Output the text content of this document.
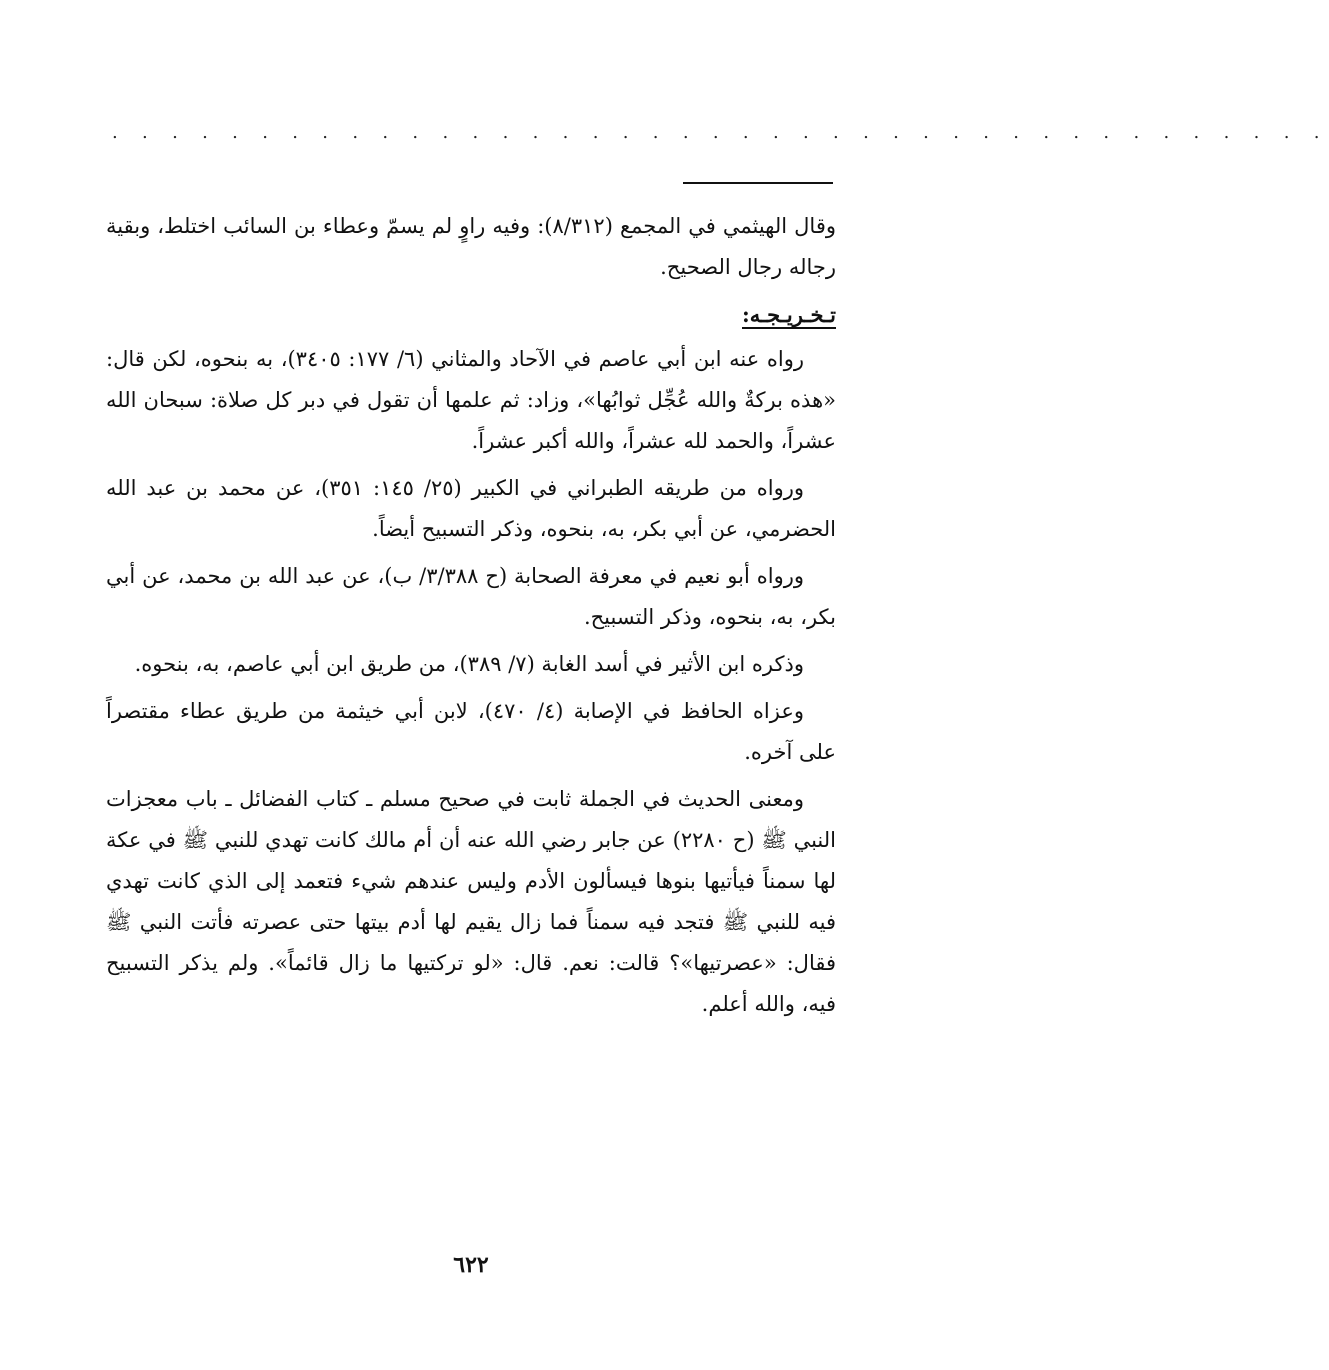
. . . . . . . . . . . . . . . . . . . . . . . . . . . . . . . . . . . . . . . . .

وقال الهيثمي في المجمع (٨/٣١٢): وفيه راوٍ لم يسمّ وعطاء بن السائب اختلط، وبقية رجاله رجال الصحيح.

تـخـريـجـه:

رواه عنه ابن أبي عاصم في الآحاد والمثاني (٦/ ١٧٧: ٣٤٠٥)، به بنحوه، لكن قال: «هذه بركةٌ والله عُجِّل ثوابُها»، وزاد: ثم علمها أن تقول في دبر كل صلاة: سبحان الله عشراً، والحمد لله عشراً، والله أكبر عشراً.

ورواه من طريقه الطبراني في الكبير (٢٥/ ١٤٥: ٣٥١)، عن محمد بن عبد الله الحضرمي، عن أبي بكر، به، بنحوه، وذكر التسبيح أيضاً.

ورواه أبو نعيم في معرفة الصحابة (ح ٣/٣٨٨/ ب)، عن عبد الله بن محمد، عن أبي بكر، به، بنحوه، وذكر التسبيح.

وذكره ابن الأثير في أسد الغابة (٧/ ٣٨٩)، من طريق ابن أبي عاصم، به، بنحوه.

وعزاه الحافظ في الإصابة (٤/ ٤٧٠)، لابن أبي خيثمة من طريق عطاء مقتصراً على آخره.

ومعنى الحديث في الجملة ثابت في صحيح مسلم ـ كتاب الفضائل ـ باب معجزات النبي ﷺ (ح ٢٢٨٠) عن جابر رضي الله عنه أن أم مالك كانت تهدي للنبي ﷺ في عكة لها سمناً فيأتيها بنوها فيسألون الأدم وليس عندهم شيء فتعمد إلى الذي كانت تهدي فيه للنبي ﷺ فتجد فيه سمناً فما زال يقيم لها أدم بيتها حتى عصرته فأتت النبي ﷺ فقال: «عصرتيها»؟ قالت: نعم. قال: «لو تركتيها ما زال قائماً». ولم يذكر التسبيح فيه، والله أعلم.

٦٢٢
